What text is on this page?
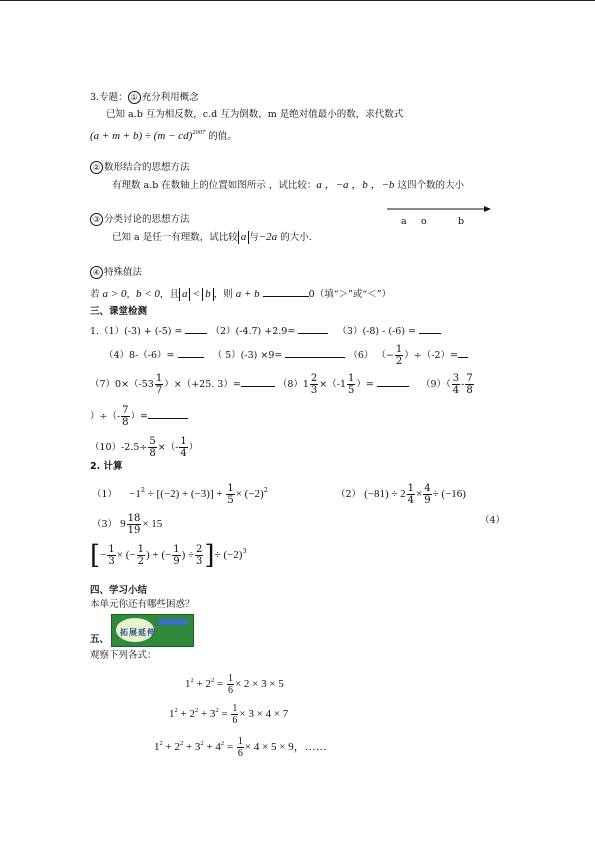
3.专题： ① 充分利用概念
已知 a.b 互为相反数，c.d 互为倒数，m 是绝对值最小的数，求代数式
(a + m + b) ÷ (m − cd)$^{2007}$ 的值。
② 数形结合的思想方法
有理数 a.b 在数轴上的位置如图所示 ，试比较：a ，−a ，b ，−b 这四个数的大小
③ 分类讨论的思想方法	a o	b
已知 a 是任一有理数，试比较 a 与−2a 的大小.
④ 特殊值法
若 a > 0，b < 0，且 a < b ，则 a + b	0（填“＞”或“＜”）
三、课堂检测
1.（1）(-3) + (-5) =	（2）(-4.7) +2.9=	（3）(-8) - (-6) =
（4）8-（-6）=	（ 5）(-3) ×9=	（6） （− $\frac{1}{2} )\div(-2)=$
$(7)0\times(-53 \frac{1}{7} )\times(+25$. 3）=	$(8)1 \frac{2}{3} \times(-1 \frac{1}{5}$ ）=	$(9)( \frac{3}{4} - \frac{7}{8}$
）÷（- $\frac{7}{8}$ ）=
$(10)-2.5\div \frac{5}{8}$ ×（- $\frac{1}{4}$ ）
2. 计算
$(1) -1^2 \div [(-2) + (-3)] + \frac{1}{5} \times (-2)^2$	（2） $(-81) \div 2 \frac{1}{4} \times \frac{4}{9} \div (-16)$
（3） $9 \frac{18}{19} \times 15$	（4）
[− $\frac{1}{3}$ × (− $\frac{1}{2}$ ) + (− $\frac{1}{9}$ ) ÷ $\frac{2}{3}$ ]÷ $(-2)^3$
四、学习小结
本单元你还有哪些困惑？
五、
拓展延伸
观察下列各式：
$1^2 + 2^2 = \frac{1}{6} \times 2 \times 3 \times 5$
$1^2 + 2^2 + 3^2 = \frac{1}{6} \times 3 \times 4 \times 7$
$1^2 + 2^2 + 3^2 + 4^2 = \frac{1}{6} \times 4 \times 5 \times 9$，……
